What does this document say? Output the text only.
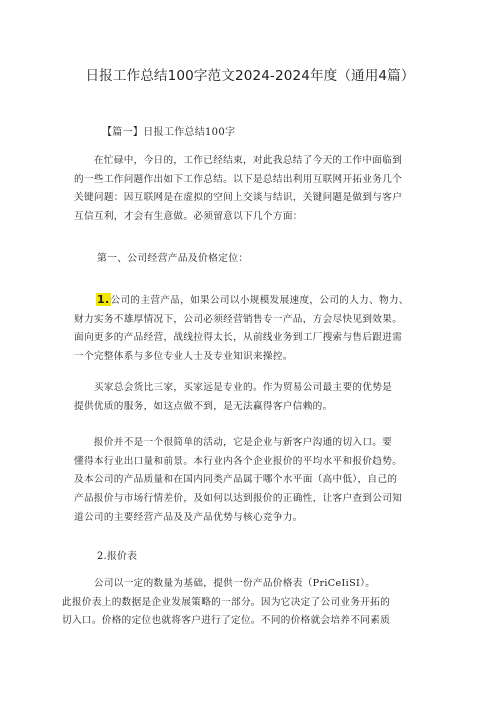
日报工作总结100字范文2024-2024年度（通用4篇）
【篇一】日报工作总结100字

　　在忙碌中，今日的，工作已经结束，对此我总结了今天的工作中面临到
的一些工作问题作出如下工作总结。以下是总结出利用互联网开拓业务几个
关键问题：因互联网是在虚拟的空间上交谈与结识，关键问题是做到与客户
互信互利，才会有生意做。必须留意以下几个方面：

第一、公司经营产品及价格定位：

1.公司的主营产品，如果公司以小规模发展速度，公司的人力、物力、
财力实务不雄厚情况下，公司必须经营销售专一产品，方会尽快见到效果。
面向更多的产品经营，战线拉得太长，从前线业务到工厂搜索与售后跟进需
一个完整体系与多位专业人士及专业知识来操控。

　　买家总会货比三家，买家远是专业的。作为贸易公司最主要的优势是
提供优质的服务，如这点做不到，是无法赢得客户信赖的。

　　报价并不是一个很简单的活动，它是企业与新客户沟通的切入口。要
懂得本行业出口量和前景。本行业内各个企业报价的平均水平和报价趋势。
及本公司的产品质量和在国内同类产品属于哪个水平面（高中低），自己的
产品报价与市场行情差价，及如何以达到报价的正确性，让客户查到公司知
道公司的主要经营产品及及产品优势与核心竞争力。

2.报价表

　　公司以一定的数量为基础，提供一份产品价格表（PriCeIiSI）。
此报价表上的数据是企业发展策略的一部分。因为它决定了公司业务开拓的
切入口。价格的定位也就将客户进行了定位。不同的价格就会培养不同素质
